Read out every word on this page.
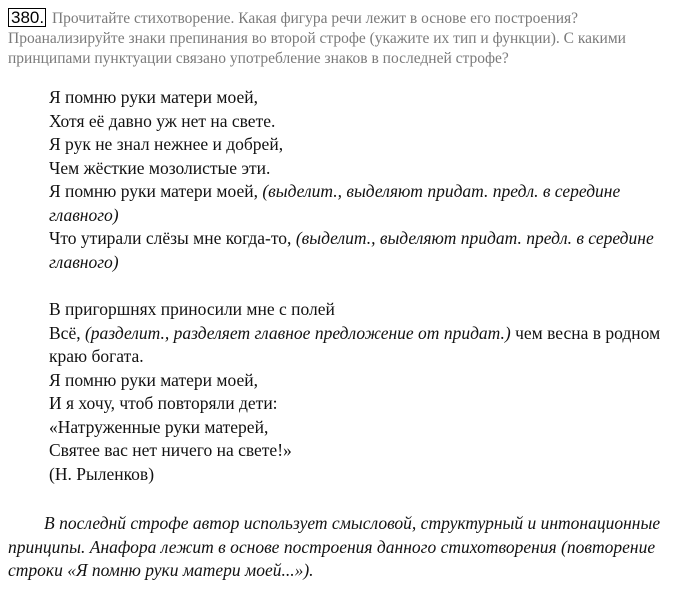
380. Прочитайте стихотворение. Какая фигура речи лежит в основе его построения? Проанализируйте знаки препинания во второй строфе (укажите их тип и функции). С какими принципами пунктуации связано употребление знаков в последней строфе?
Я помню руки матери моей,
Хотя её давно уж нет на свете.
Я рук не знал нежнее и добрей,
Чем жёсткие мозолистые эти.
Я помню руки матери моей, (выделит., выделяют придат. предл. в середине главного)
Что утирали слёзы мне когда-то, (выделит., выделяют придат. предл. в середине главного)
В пригоршнях приносили мне с полей
Всё, (разделит., разделяет главное предложение от придат.) чем весна в родном краю богата.
Я помню руки матери моей,
И я хочу, чтоб повторяли дети:
«Натруженные руки матерей,
Святее вас нет ничего на свете!»
(Н. Рыленков)
В последнй строфе автор использует смысловой, структурный и интонационные принципы. Анафора лежит в основе построения данного стихотворения (повторение строки «Я помню руки матери моей...»).
